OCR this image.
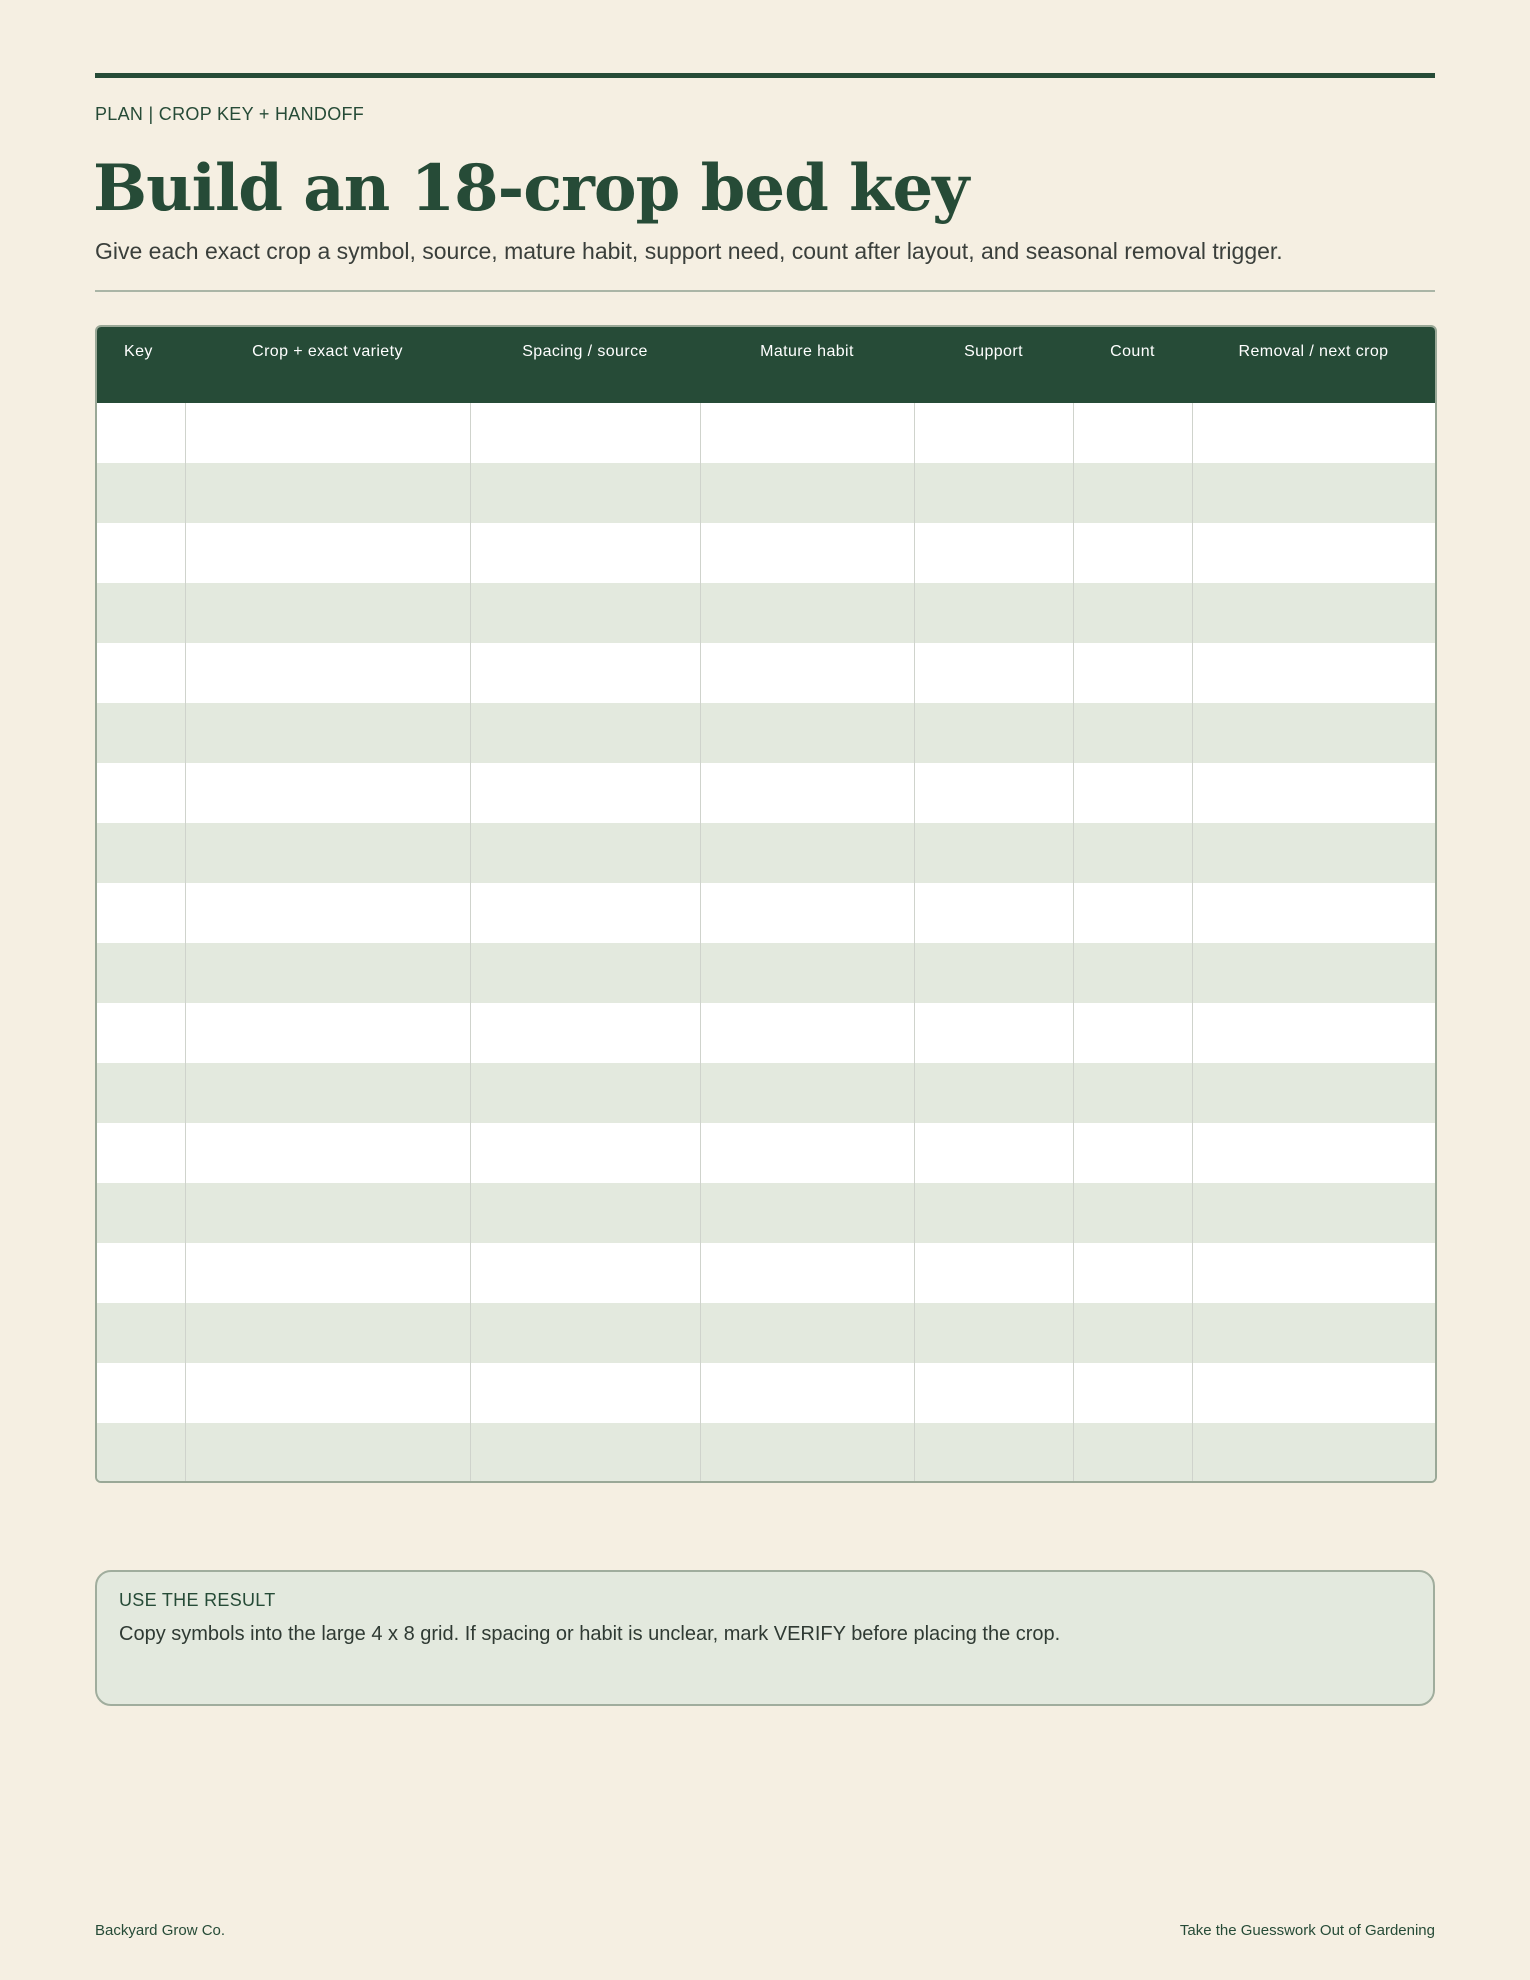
PLAN | CROP KEY + HANDOFF
Build an 18-crop bed key
Give each exact crop a symbol, source, mature habit, support need, count after layout, and seasonal removal trigger.
Key	Crop + exact variety	Spacing / source	Mature habit	Support	Count	Removal / next crop

USE THE RESULT
Copy symbols into the large 4 x 8 grid. If spacing or habit is unclear, mark VERIFY before placing the crop.
Backyard Grow Co.	Take the Guesswork Out of Gardening
